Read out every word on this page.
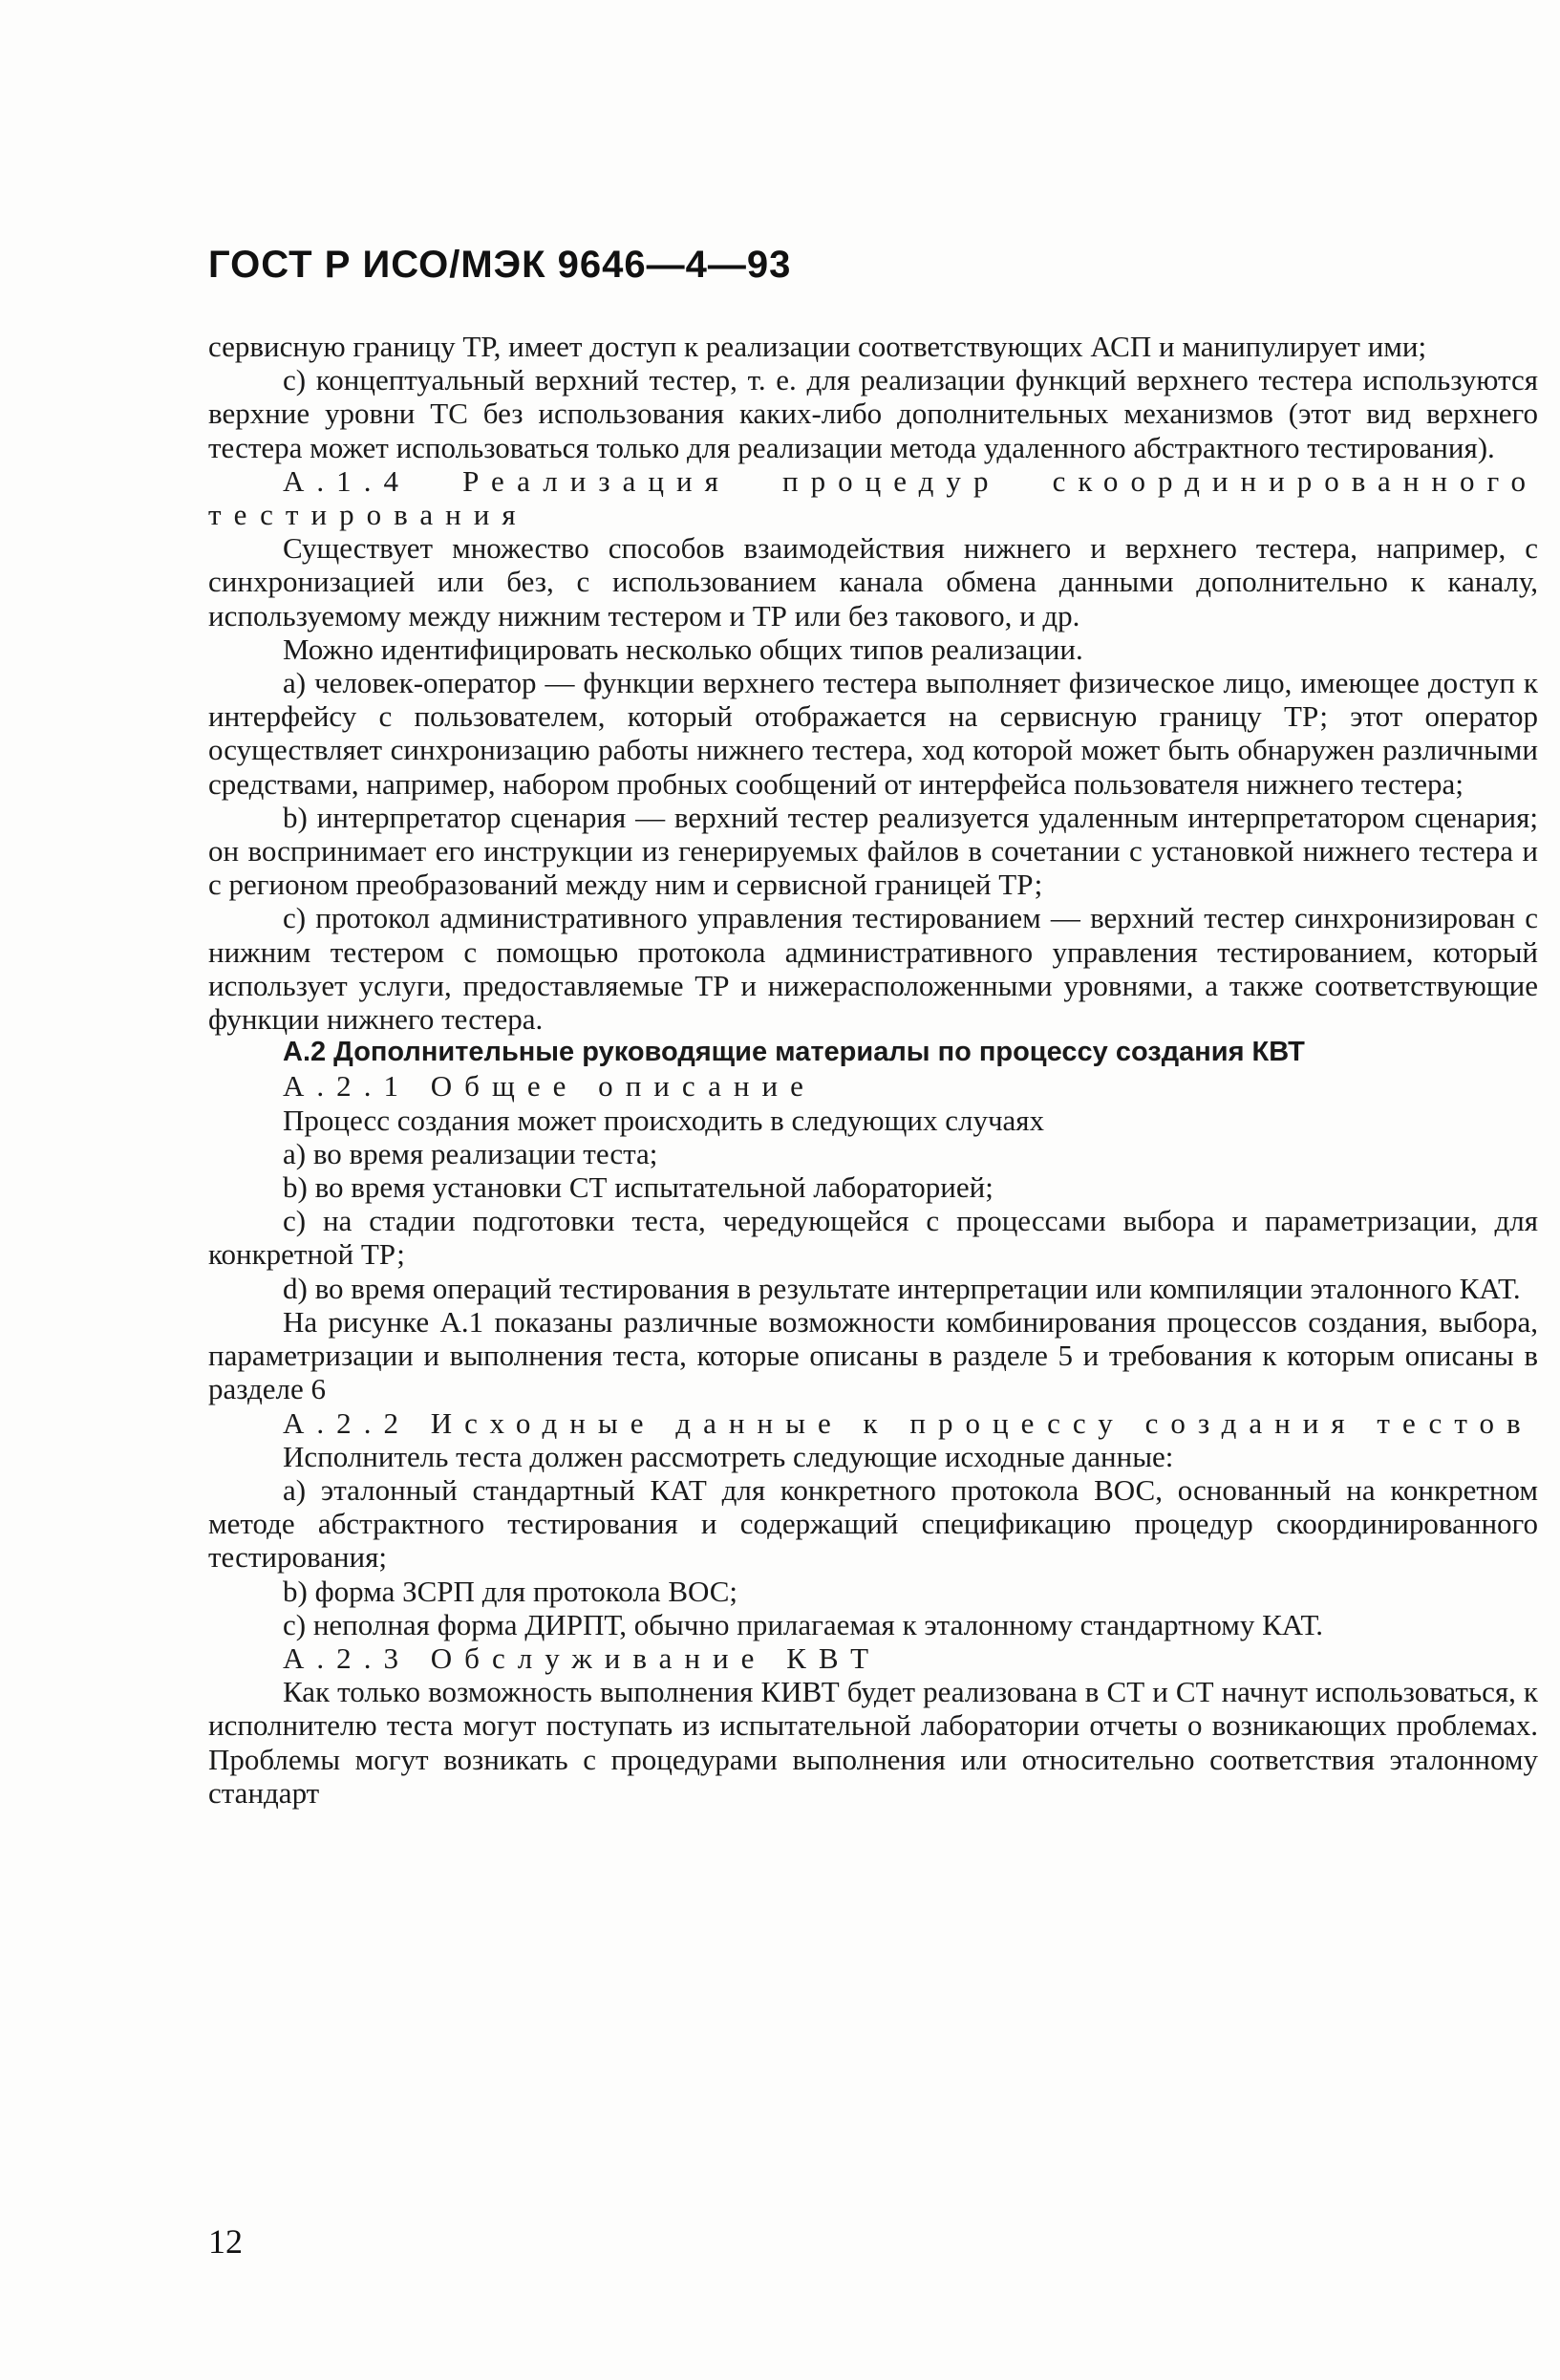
ГОСТ Р ИСО/МЭК 9646—4—93

сервисную границу ТР, имеет доступ к реализации соответствующих АСП и манипулирует ими;

c) концептуальный верхний тестер, т. е. для реализации функций верхнего тестера используются верхние уровни ТС без использования каких-либо дополнительных механизмов (этот вид верхнего тестера может использоваться только для реализации метода удаленного абстрактного тестирования).

А.1.4 Реализация процедур скоординированного тестирования

Существует множество способов взаимодействия нижнего и верхнего тестера, например, с синхронизацией или без, с использованием канала обмена данными дополнительно к каналу, используемому между нижним тестером и ТР или без такового, и др.

Можно идентифицировать несколько общих типов реализации.

a) человек-оператор — функции верхнего тестера выполняет физическое лицо, имеющее доступ к интерфейсу с пользователем, который отображается на сервисную границу ТР; этот оператор осуществляет синхронизацию работы нижнего тестера, ход которой может быть обнаружен различными средствами, например, набором пробных сообщений от интерфейса пользователя нижнего тестера;

b) интерпретатор сценария — верхний тестер реализуется удаленным интерпретатором сценария; он воспринимает его инструкции из генерируемых файлов в сочетании с установкой нижнего тестера и с регионом преобразований между ним и сервисной границей ТР;

c) протокол административного управления тестированием — верхний тестер синхронизирован с нижним тестером с помощью протокола административного управления тестированием, который использует услуги, предоставляемые ТР и нижерасположенными уровнями, а также соответствующие функции нижнего тестера.

А.2 Дополнительные руководящие материалы по процессу создания КВТ

А.2.1 Общее описание

Процесс создания может происходить в следующих случаях

a) во время реализации теста;

b) во время установки СТ испытательной лабораторией;

c) на стадии подготовки теста, чередующейся с процессами выбора и параметризации, для конкретной ТР;

d) во время операций тестирования в результате интерпретации или компиляции эталонного КАТ.

На рисунке А.1 показаны различные возможности комбинирования процессов создания, выбора, параметризации и выполнения теста, которые описаны в разделе 5 и требования к которым описаны в разделе 6

А.2.2 Исходные данные к процессу создания тестов

Исполнитель теста должен рассмотреть следующие исходные данные:

a) эталонный стандартный КАТ для конкретного протокола ВОС, основанный на конкретном методе абстрактного тестирования и содержащий спецификацию процедур скоординированного тестирования;

b) форма ЗСРП для протокола ВОС;

c) неполная форма ДИРПТ, обычно прилагаемая к эталонному стандартному КАТ.

А.2.3 Обслуживание КВТ

Как только возможность выполнения КИВТ будет реализована в СТ и СТ начнут использоваться, к исполнителю теста могут поступать из испытательной лаборатории отчеты о возникающих проблемах. Проблемы могут возникать с процедурами выполнения или относительно соответствия эталонному стандарт

12
